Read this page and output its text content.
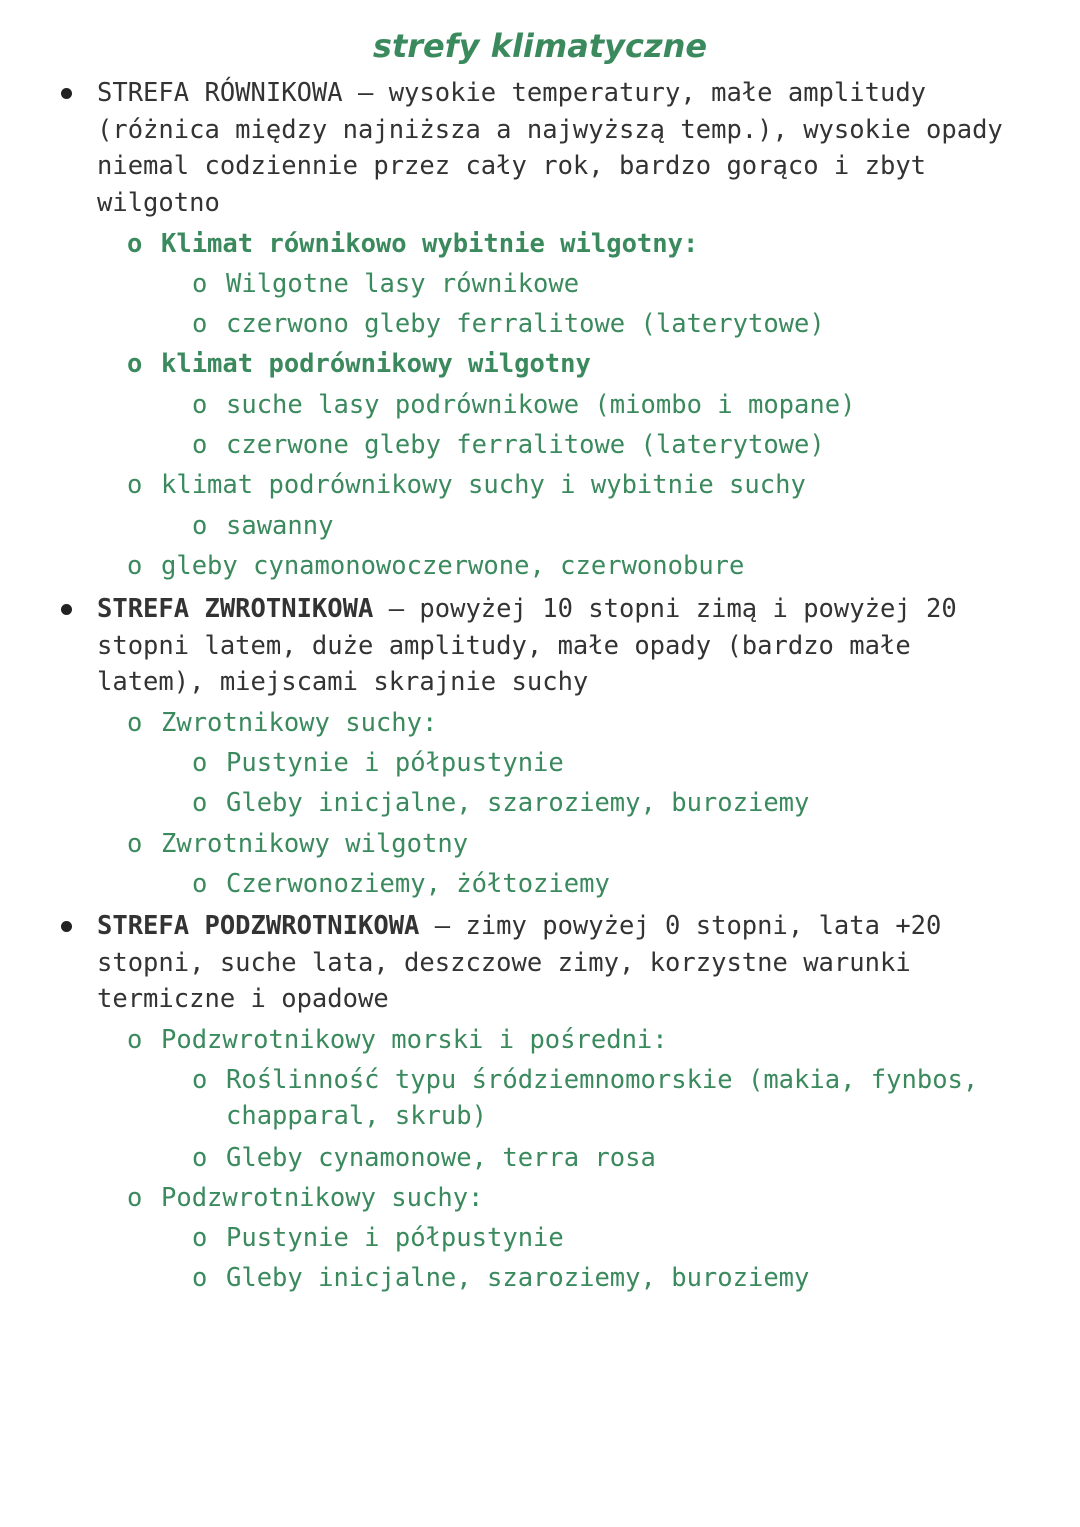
strefy klimatyczne
STREFA RÓWNIKOWA – wysokie temperatury, małe amplitudy (różnica między najniższa a najwyższą temp.), wysokie opady niemal codziennie przez cały rok, bardzo gorąco i zbyt wilgotno
o Klimat równikowo wybitnie wilgotny:
o Wilgotne lasy równikowe
o czerwono gleby ferralitowe (laterytowe)
o klimat podrównikowy wilgotny
o suche lasy podrównikowe (miombo i mopane)
o czerwone gleby ferralitowe (laterytowe)
o klimat podrównikowy suchy i wybitnie suchy
o sawanny
o gleby cynamonowoczerwone, czerwonobure
STREFA ZWROTNIKOWA – powyżej 10 stopni zimą i powyżej 20 stopni latem, duże amplitudy, małe opady (bardzo małe latem), miejscami skrajnie suchy
o Zwrotnikowy suchy:
o Pustynie i półpustynie
o Gleby inicjalne, szaroziemy, buroziemy
o Zwrotnikowy wilgotny
o Czerwonoziemy, żółtoziemy
STREFA PODZWROTNIKOWA – zimy powyżej 0 stopni, lata +20 stopni, suche lata, deszczowe zimy, korzystne warunki termiczne i opadowe
o Podzwrotnikowy morski i pośredni:
o Roślinność typu śródziemnomorskie (makia, fynbos, chapparal, skrub)
o Gleby cynamonowe, terra rosa
o Podzwrotnikowy suchy:
o Pustynie i półpustynie
o Gleby inicjalne, szaroziemy, buroziemy
